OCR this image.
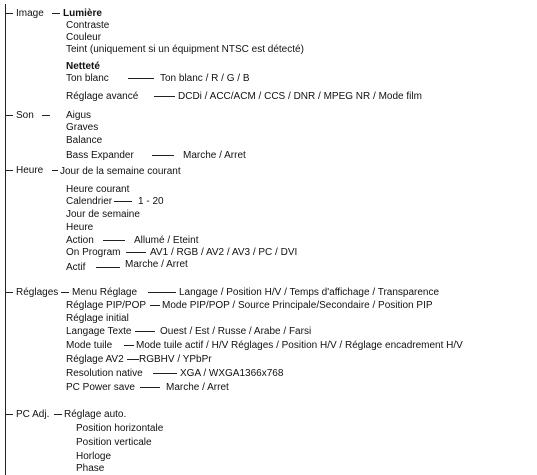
Image Lumière
Contraste
Couleur
Teint (uniquement si un équipment NTSC est détecté)
Netteté
Ton blanc	Ton blanc / R / G / B
Réglage avancé	DCDi / ACC/ACM / CCS / DNR / MPEG NR / Mode film
Son	Aigus
Graves
Balance
Bass Expander	Marche / Arret
Heure Jour de la semaine courant
Heure courant
Calendrier	1 - 20
Jour de semaine
Heure
Action	Allumé / Eteint
On Program	AV1 / RGB / AV2 / AV3 / PC / DVI
Actif	Marche / Arret
Réglages Menu Réglage	Langage / Position H/V / Temps d'affichage / Transparence
Réglage PIP/POP Mode PIP/POP / Source Principale/Secondaire / Position PIP
Réglage initial
Langage Texte	Ouest / Est / Russe / Arabe / Farsi
Mode tuile Mode tuile actif / H/V Réglages / Position H/V / Réglage encadrement H/V
Réglage AV2 RGBHV / YPbPr
Resolution native	XGA / WXGA1366x768
PC Power save	Marche / Arret
PC Adj. Réglage auto.
Position horizontale
Position verticale
Horloge
Phase
